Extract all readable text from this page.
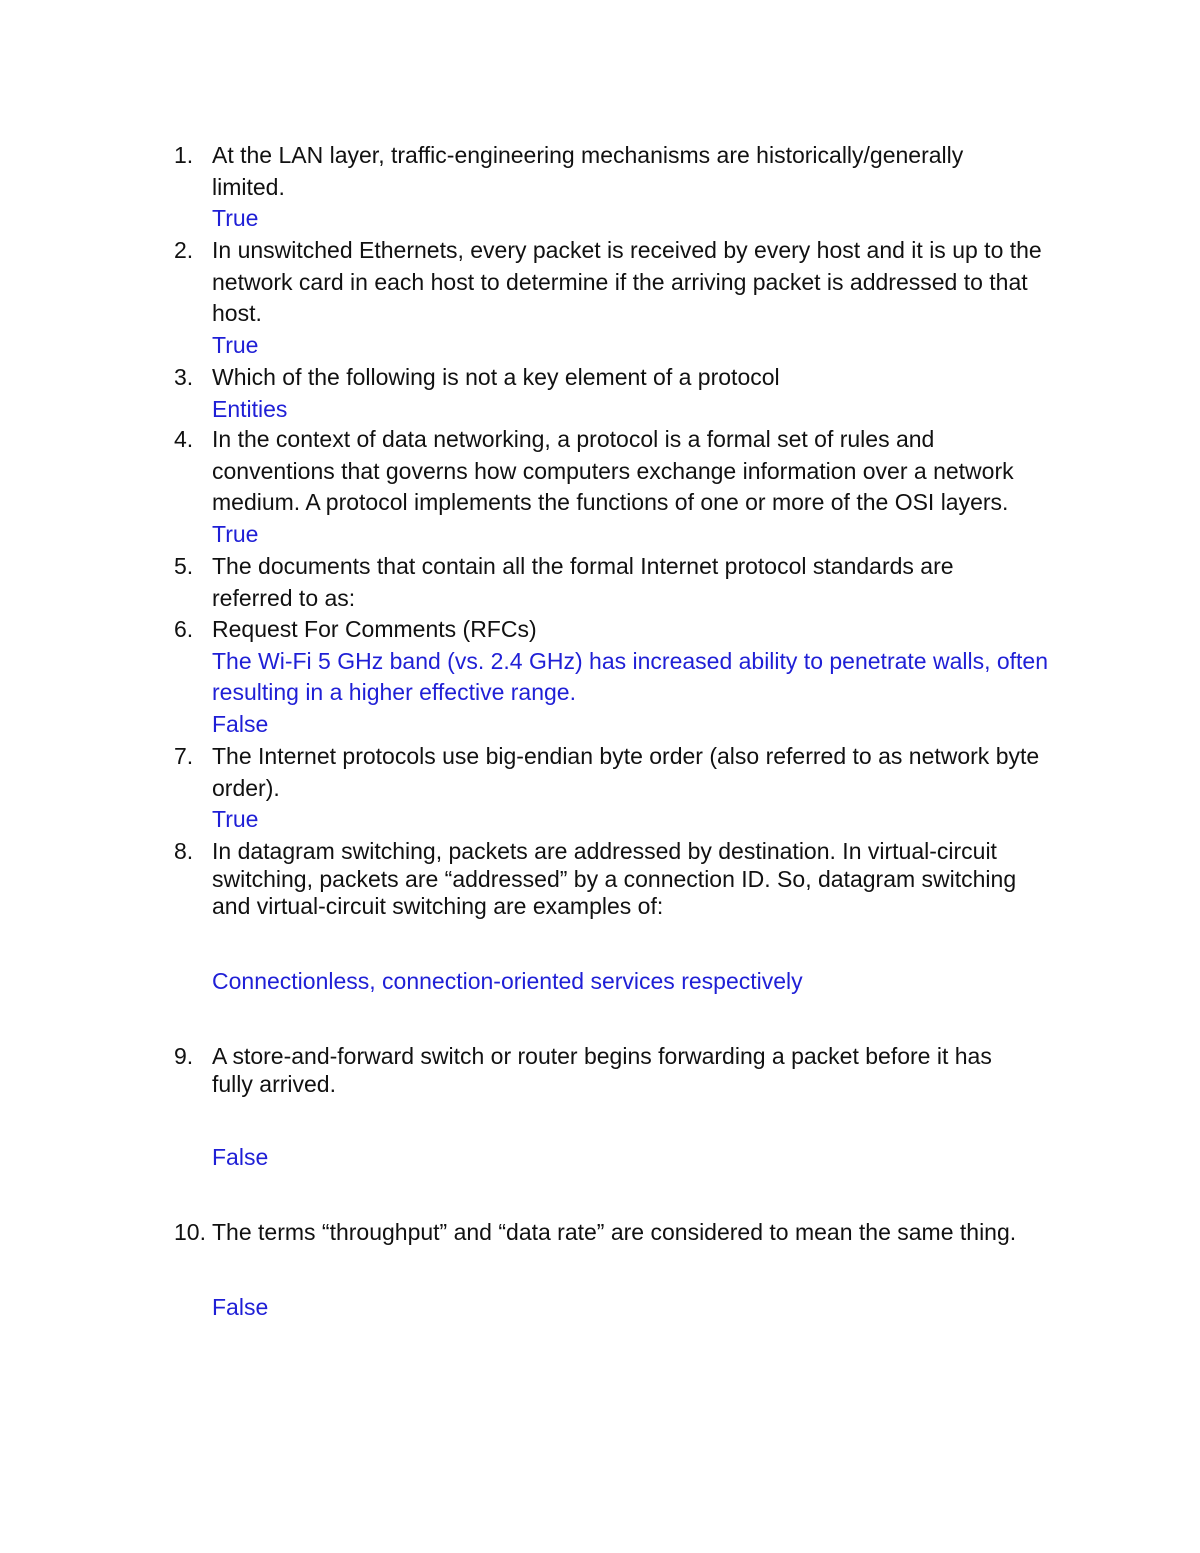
1. At the LAN layer, traffic-engineering mechanisms are historically/generally
limited.
True
2. In unswitched Ethernets, every packet is received by every host and it is up to the
network card in each host to determine if the arriving packet is addressed to that
host.
True
3. Which of the following is not a key element of a protocol
Entities
4. In the context of data networking, a protocol is a formal set of rules and
conventions that governs how computers exchange information over a network
medium. A protocol implements the functions of one or more of the OSI layers.
True
5. The documents that contain all the formal Internet protocol standards are
referred to as:
6. Request For Comments (RFCs)
The Wi-Fi 5 GHz band (vs. 2.4 GHz) has increased ability to penetrate walls, often
resulting in a higher effective range.
False
7. The Internet protocols use big-endian byte order (also referred to as network byte
order).
True
8. In datagram switching, packets are addressed by destination. In virtual-circuit
switching, packets are “addressed” by a connection ID. So, datagram switching
and virtual-circuit switching are examples of:
Connectionless, connection-oriented services respectively
9. A store-and-forward switch or router begins forwarding a packet before it has
fully arrived.
False
10. The terms “throughput” and “data rate” are considered to mean the same thing.
False
